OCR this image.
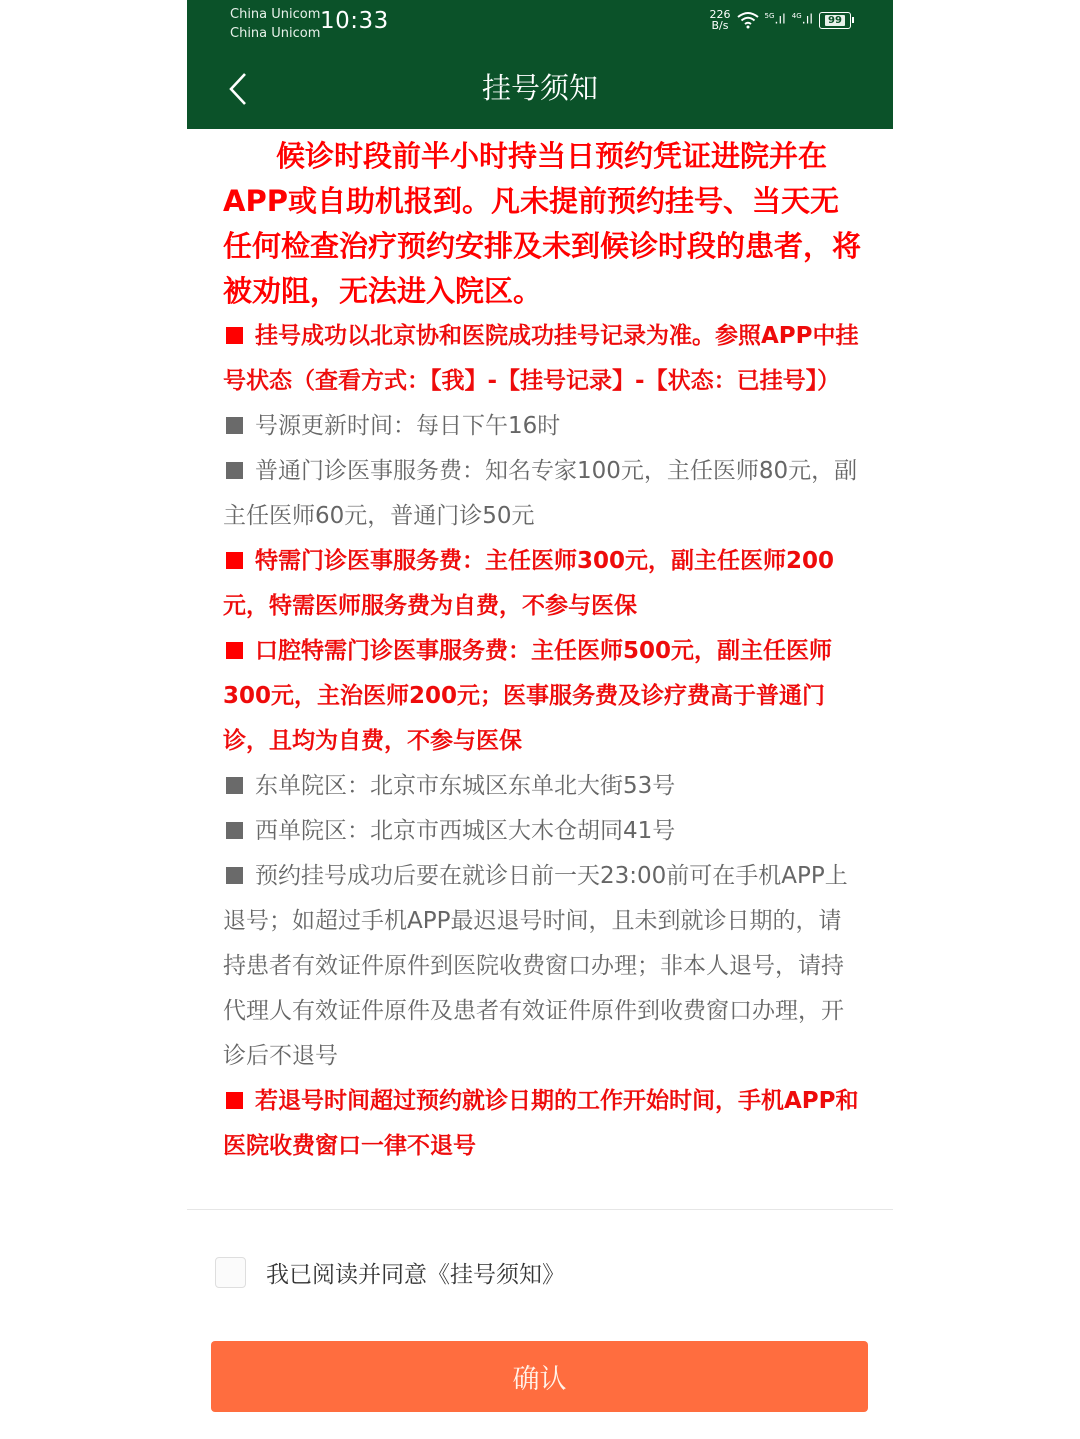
China Unicom
China Unicom 10:33	226
B/s
$^{5G}$.ıl $^{4G}$.ıl	99
挂号须知

候诊时段前半小时持当日预约凭证进院并在APP或自助机报到。凡未提前预约挂号、当天无任何检查治疗预约安排及未到候诊时段的患者，将被劝阻，无法进入院区。

挂号成功以北京协和医院成功挂号记录为准。参照APP中挂号状态（查看方式：【我】-【挂号记录】-【状态：已挂号】）

号源更新时间：每日下午16时

普通门诊医事服务费：知名专家100元，主任医师80元，副主任医师60元，普通门诊50元

特需门诊医事服务费：主任医师300元，副主任医师200元，特需医师服务费为自费，不参与医保

口腔特需门诊医事服务费：主任医师500元，副主任医师300元，主治医师200元；医事服务费及诊疗费高于普通门诊，且均为自费，不参与医保

东单院区：北京市东城区东单北大街53号

西单院区：北京市西城区大木仓胡同41号

预约挂号成功后要在就诊日前一天23:00前可在手机APP上退号；如超过手机APP最迟退号时间，且未到就诊日期的，请持患者有效证件原件到医院收费窗口办理；非本人退号，请持代理人有效证件原件及患者有效证件原件到收费窗口办理，开诊后不退号

若退号时间超过预约就诊日期的工作开始时间，手机APP和医院收费窗口一律不退号

我已阅读并同意《挂号须知》
确认
